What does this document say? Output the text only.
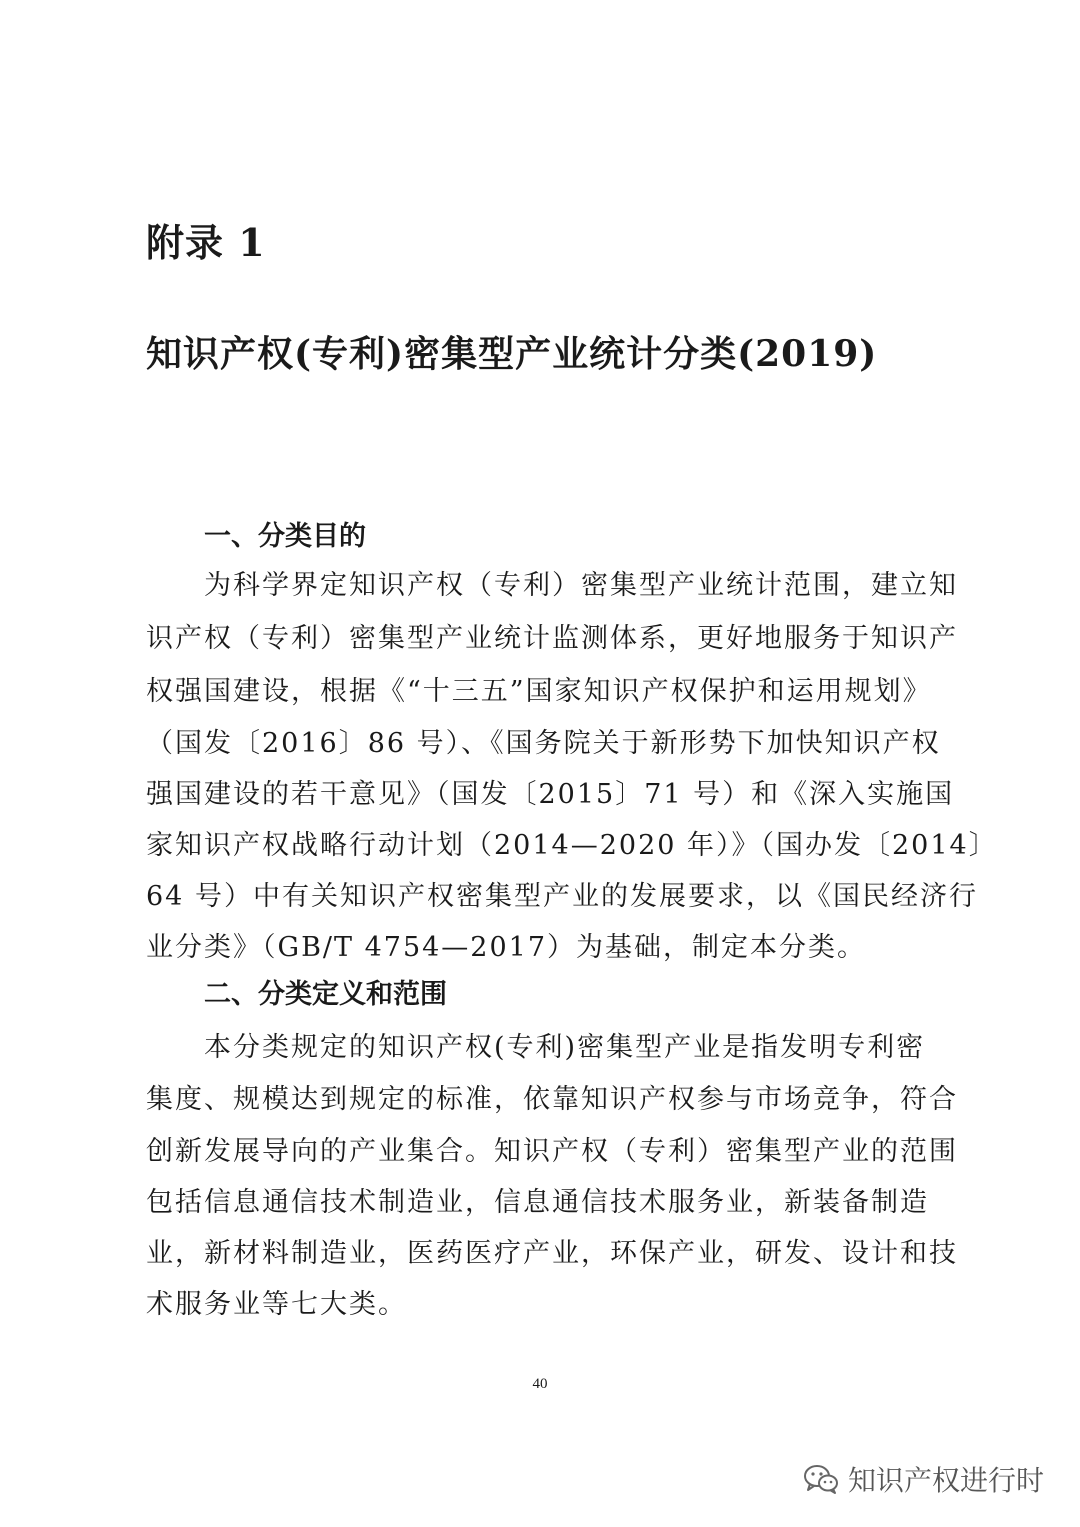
附录 1
知识产权(专利)密集型产业统计分类(2019)
一、分类目的
为科学界定知识产权（专利）密集型产业统计范围，建立知
识产权（专利）密集型产业统计监测体系，更好地服务于知识产
权强国建设，根据《“十三五”国家知识产权保护和运用规划》
（国发〔2016〕86 号）、《国务院关于新形势下加快知识产权
强国建设的若干意见》（国发〔2015〕71 号）和《深入实施国
家知识产权战略行动计划（2014—2020 年）》（国办发〔2014〕
64 号）中有关知识产权密集型产业的发展要求，以《国民经济行
业分类》（GB/T 4754—2017）为基础，制定本分类。
二、分类定义和范围
本分类规定的知识产权(专利)密集型产业是指发明专利密
集度、规模达到规定的标准，依靠知识产权参与市场竞争，符合
创新发展导向的产业集合。知识产权（专利）密集型产业的范围
包括信息通信技术制造业，信息通信技术服务业，新装备制造
业，新材料制造业，医药医疗产业，环保产业，研发、设计和技
术服务业等七大类。
40
知识产权进行时
